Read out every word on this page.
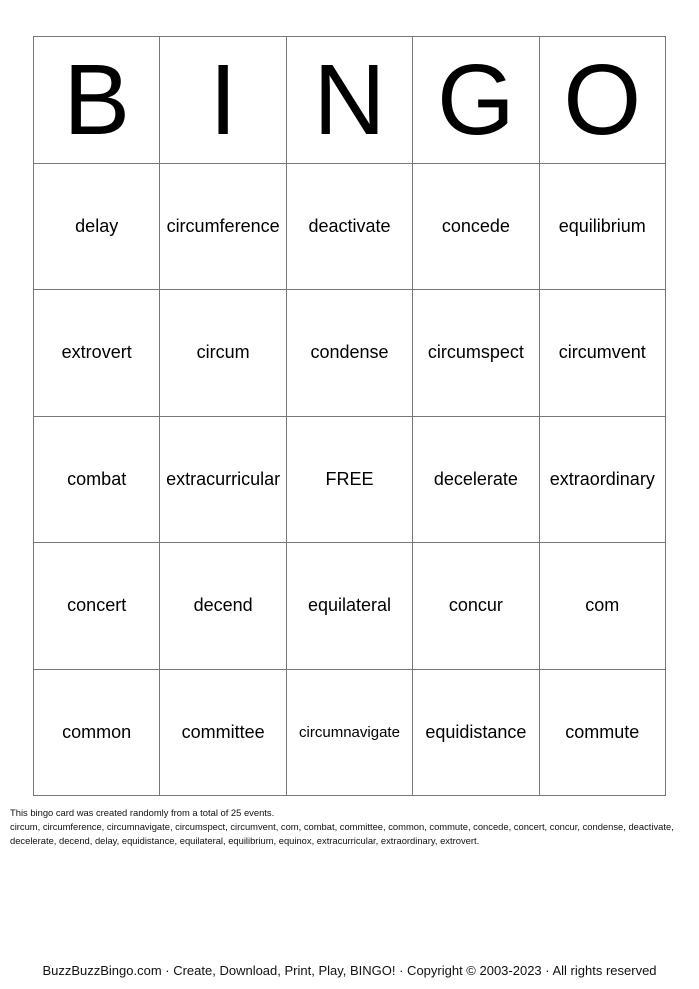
B I N G O
delay	circumference	deactivate	concede	equilibrium
extrovert	circum	condense	circumspect	circumvent
combat	extracurricular	FREE	decelerate	extraordinary
concert	decend	equilateral	concur	com
common	committee	circumnavigate	equidistance	commute
This bingo card was created randomly from a total of 25 events.
circum, circumference, circumnavigate, circumspect, circumvent, com, combat, committee, common, commute, concede, concert, concur, condense, deactivate,
decelerate, decend, delay, equidistance, equilateral, equilibrium, equinox, extracurricular, extraordinary, extrovert.
BuzzBuzzBingo.com · Create, Download, Print, Play, BINGO! · Copyright © 2003-2023 · All rights reserved
